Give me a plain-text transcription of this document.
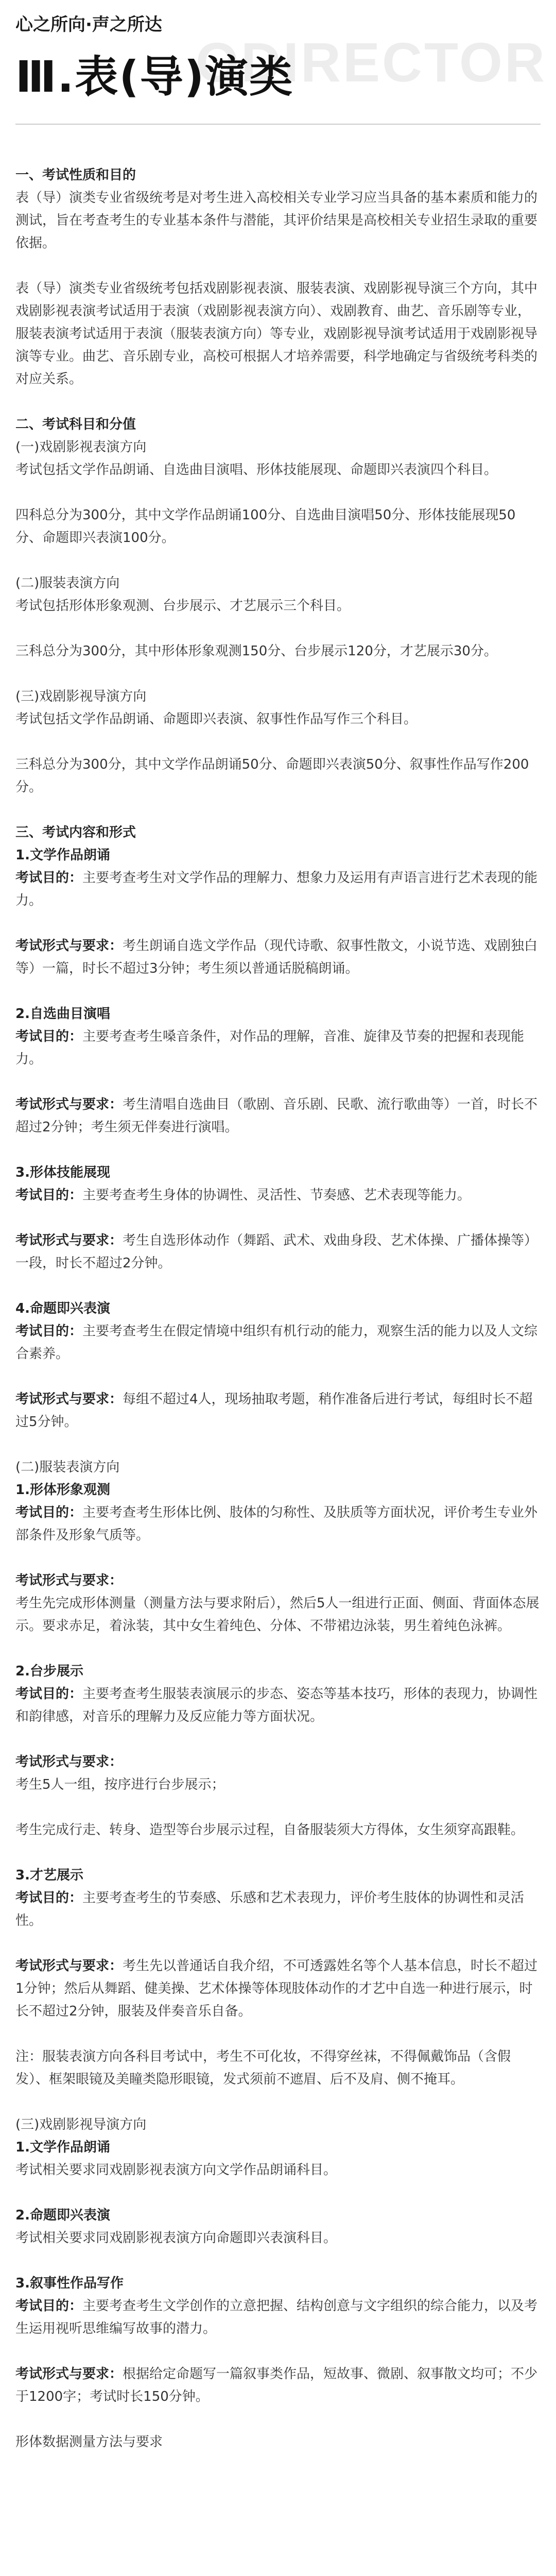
心之所向·声之所达
ODIRECTOR
Ⅲ.表(导)演类

一、考试性质和目的

表（导）演类专业省级统考是对考生进入高校相关专业学习应当具备的基本素质和能力的测试，旨在考查考生的专业基本条件与潜能，其评价结果是高校相关专业招生录取的重要依据。

表（导）演类专业省级统考包括戏剧影视表演、服装表演、戏剧影视导演三个方向，其中戏剧影视表演考试适用于表演（戏剧影视表演方向）、戏剧教育、曲艺、音乐剧等专业，服装表演考试适用于表演（服装表演方向）等专业，戏剧影视导演考试适用于戏剧影视导演等专业。曲艺、音乐剧专业，高校可根据人才培养需要，科学地确定与省级统考科类的对应关系。

二、考试科目和分值

(一)戏剧影视表演方向

考试包括文学作品朗诵、自选曲目演唱、形体技能展现、命题即兴表演四个科目。

四科总分为300分，其中文学作品朗诵100分、自选曲目演唱50分、形体技能展现50分、命题即兴表演100分。

(二)服装表演方向

考试包括形体形象观测、台步展示、才艺展示三个科目。

三科总分为300分，其中形体形象观测150分、台步展示120分，才艺展示30分。

(三)戏剧影视导演方向

考试包括文学作品朗诵、命题即兴表演、叙事性作品写作三个科目。

三科总分为300分，其中文学作品朗诵50分、命题即兴表演50分、叙事性作品写作200分。

三、考试内容和形式

1.文学作品朗诵

考试目的：主要考查考生对文学作品的理解力、想象力及运用有声语言进行艺术表现的能力。

考试形式与要求：考生朗诵自选文学作品（现代诗歌、叙事性散文，小说节选、戏剧独白等）一篇，时长不超过3分钟；考生须以普通话脱稿朗诵。

2.自选曲目演唱

考试目的：主要考查考生嗓音条件，对作品的理解，音准、旋律及节奏的把握和表现能力。

考试形式与要求：考生清唱自选曲目（歌剧、音乐剧、民歌、流行歌曲等）一首，时长不超过2分钟；考生须无伴奏进行演唱。

3.形体技能展现

考试目的：主要考查考生身体的协调性、灵活性、节奏感、艺术表现等能力。

考试形式与要求：考生自选形体动作（舞蹈、武术、戏曲身段、艺术体操、广播体操等）一段，时长不超过2分钟。

4.命题即兴表演

考试目的：主要考查考生在假定情境中组织有机行动的能力，观察生活的能力以及人文综合素养。

考试形式与要求：每组不超过4人，现场抽取考题，稍作准备后进行考试，每组时长不超过5分钟。

(二)服装表演方向

1.形体形象观测

考试目的：主要考查考生形体比例、肢体的匀称性、及肤质等方面状况，评价考生专业外部条件及形象气质等。

考试形式与要求：

考生先完成形体测量（测量方法与要求附后），然后5人一组进行正面、侧面、背面体态展示。要求赤足，着泳装，其中女生着纯色、分体、不带裙边泳装，男生着纯色泳裤。

2.台步展示

考试目的：主要考查考生服装表演展示的步态、姿态等基本技巧，形体的表现力，协调性和韵律感，对音乐的理解力及反应能力等方面状况。

考试形式与要求：

考生5人一组，按序进行台步展示；

考生完成行走、转身、造型等台步展示过程，自备服装须大方得体，女生须穿高跟鞋。

3.才艺展示

考试目的：主要考查考生的节奏感、乐感和艺术表现力，评价考生肢体的协调性和灵活性。

考试形式与要求：考生先以普通话自我介绍，不可透露姓名等个人基本信息，时长不超过1分钟；然后从舞蹈、健美操、艺术体操等体现肢体动作的才艺中自选一种进行展示，时长不超过2分钟，服装及伴奏音乐自备。

注：服装表演方向各科目考试中，考生不可化妆，不得穿丝袜，不得佩戴饰品（含假发）、框架眼镜及美瞳类隐形眼镜，发式须前不遮眉、后不及肩、侧不掩耳。

(三)戏剧影视导演方向

1.文学作品朗诵

考试相关要求同戏剧影视表演方向文学作品朗诵科目。

2.命题即兴表演

考试相关要求同戏剧影视表演方向命题即兴表演科目。

3.叙事性作品写作

考试目的：主要考查考生文学创作的立意把握、结构创意与文字组织的综合能力，以及考生运用视听思维编写故事的潜力。

考试形式与要求：根据给定命题写一篇叙事类作品，短故事、微剧、叙事散文均可；不少于1200字；考试时长150分钟。

形体数据测量方法与要求
